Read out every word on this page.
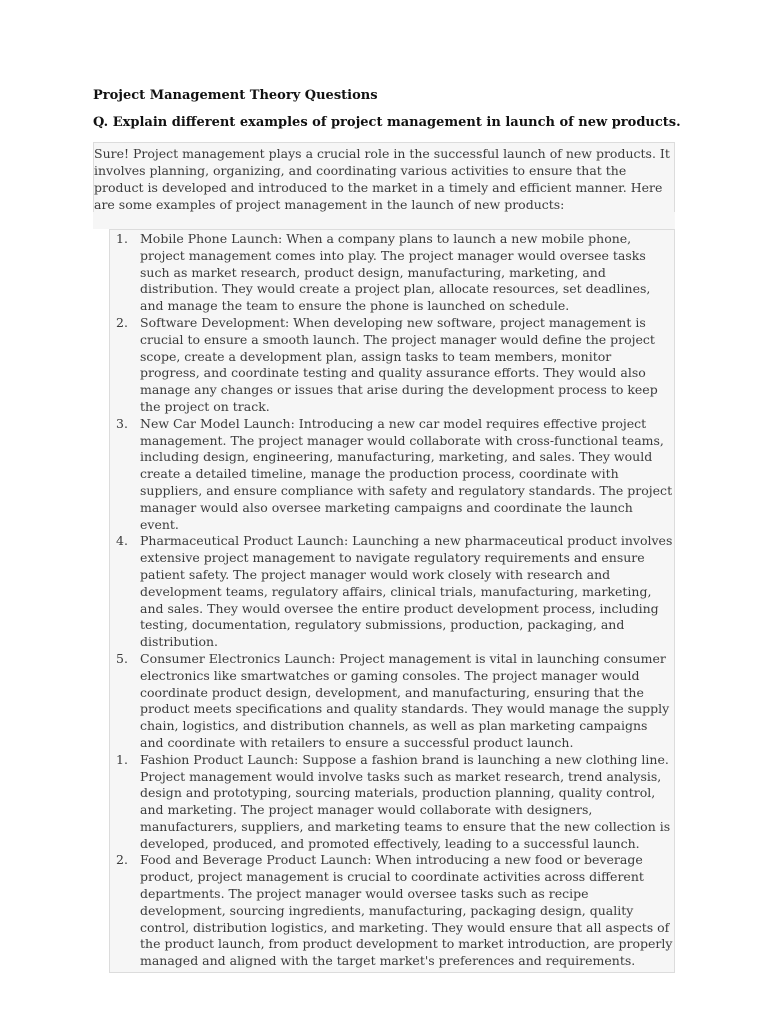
Project Management Theory Questions
Q. Explain different examples of project management in launch of new products.

Sure! Project management plays a crucial role in the successful launch of new products. It involves planning, organizing, and coordinating various activities to ensure that the product is developed and introduced to the market in a timely and efficient manner. Here are some examples of project management in the launch of new products:

1. Mobile Phone Launch: When a company plans to launch a new mobile phone, project management comes into play. The project manager would oversee tasks such as market research, product design, manufacturing, marketing, and distribution. They would create a project plan, allocate resources, set deadlines, and manage the team to ensure the phone is launched on schedule.
2. Software Development: When developing new software, project management is crucial to ensure a smooth launch. The project manager would define the project scope, create a development plan, assign tasks to team members, monitor progress, and coordinate testing and quality assurance efforts. They would also manage any changes or issues that arise during the development process to keep the project on track.
3. New Car Model Launch: Introducing a new car model requires effective project management. The project manager would collaborate with cross-functional teams, including design, engineering, manufacturing, marketing, and sales. They would create a detailed timeline, manage the production process, coordinate with suppliers, and ensure compliance with safety and regulatory standards. The project manager would also oversee marketing campaigns and coordinate the launch event.
4. Pharmaceutical Product Launch: Launching a new pharmaceutical product involves extensive project management to navigate regulatory requirements and ensure patient safety. The project manager would work closely with research and development teams, regulatory affairs, clinical trials, manufacturing, marketing, and sales. They would oversee the entire product development process, including testing, documentation, regulatory submissions, production, packaging, and distribution.
5. Consumer Electronics Launch: Project management is vital in launching consumer electronics like smartwatches or gaming consoles. The project manager would coordinate product design, development, and manufacturing, ensuring that the product meets specifications and quality standards. They would manage the supply chain, logistics, and distribution channels, as well as plan marketing campaigns and coordinate with retailers to ensure a successful product launch.
1. Fashion Product Launch: Suppose a fashion brand is launching a new clothing line. Project management would involve tasks such as market research, trend analysis, design and prototyping, sourcing materials, production planning, quality control, and marketing. The project manager would collaborate with designers, manufacturers, suppliers, and marketing teams to ensure that the new collection is developed, produced, and promoted effectively, leading to a successful launch.
2. Food and Beverage Product Launch: When introducing a new food or beverage product, project management is crucial to coordinate activities across different departments. The project manager would oversee tasks such as recipe development, sourcing ingredients, manufacturing, packaging design, quality control, distribution logistics, and marketing. They would ensure that all aspects of the product launch, from product development to market introduction, are properly managed and aligned with the target market's preferences and requirements.
